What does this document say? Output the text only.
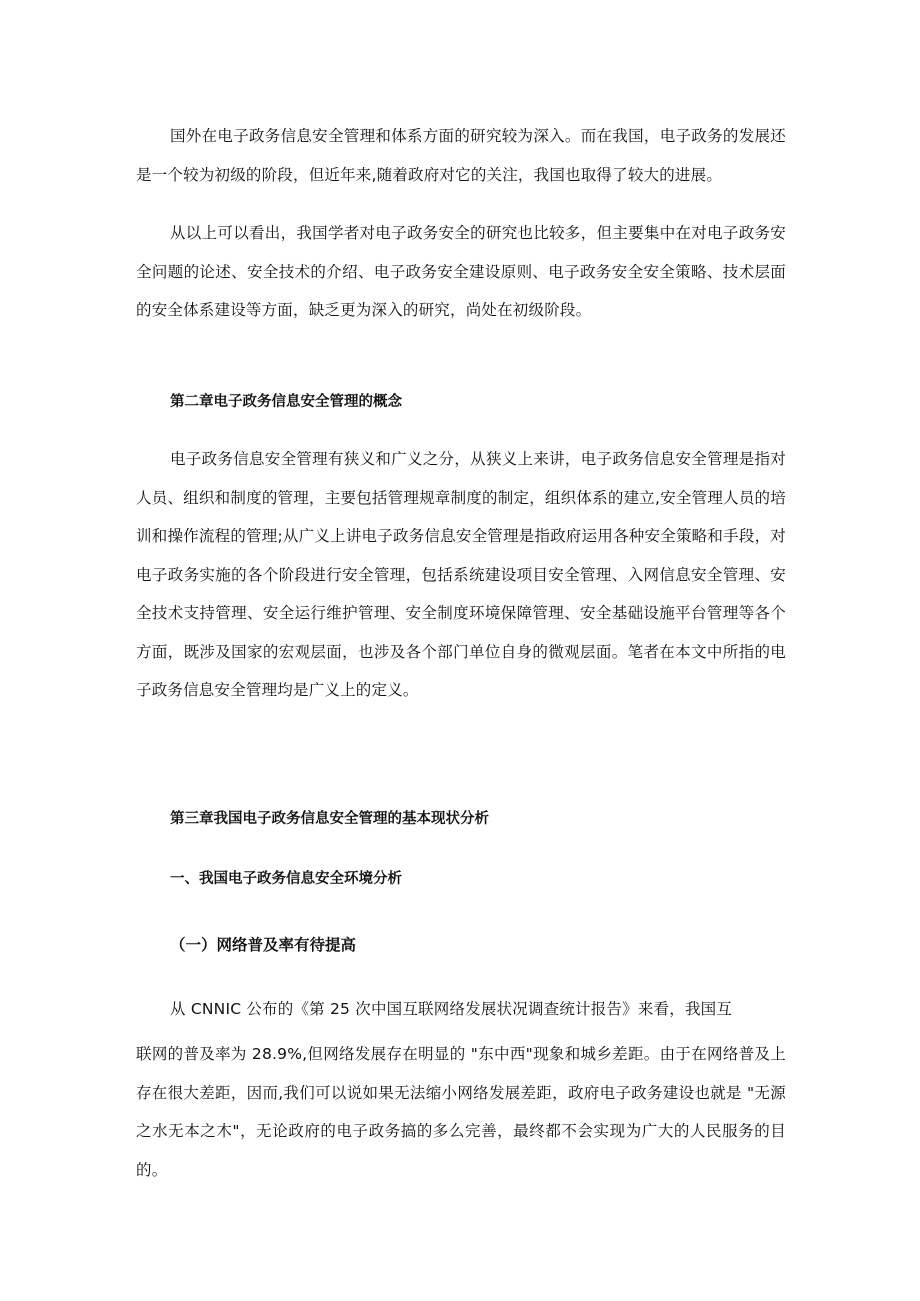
国外在电子政务信息安全管理和体系方面的研究较为深入。而在我国，电子政务的发展还是一个较为初级的阶段，但近年来,随着政府对它的关注，我国也取得了较大的进展。

从以上可以看出，我国学者对电子政务安全的研究也比较多，但主要集中在对电子政务安全问题的论述、安全技术的介绍、电子政务安全建设原则、电子政务安全安全策略、技术层面的安全体系建设等方面，缺乏更为深入的研究，尚处在初级阶段。

第二章电子政务信息安全管理的概念

电子政务信息安全管理有狭义和广义之分，从狭义上来讲，电子政务信息安全管理是指对人员、组织和制度的管理，主要包括管理规章制度的制定，组织体系的建立,安全管理人员的培训和操作流程的管理;从广义上讲电子政务信息安全管理是指政府运用各种安全策略和手段，对电子政务实施的各个阶段进行安全管理，包括系统建设项目安全管理、入网信息安全管理、安全技术支持管理、安全运行维护管理、安全制度环境保障管理、安全基础设施平台管理等各个方面，既涉及国家的宏观层面，也涉及各个部门单位自身的微观层面。笔者在本文中所指的电子政务信息安全管理均是广义上的定义。

第三章我国电子政务信息安全管理的基本现状分析
一、我国电子政务信息安全环境分析
（一）网络普及率有待提高

从 CNNIC 公布的《第 25 次中国互联网络发展状况调查统计报告》来看，我国互

联网的普及率为 28.9%,但网络发展存在明显的 "东中西"现象和城乡差距。由于在网络普及上存在很大差距，因而,我们可以说如果无法缩小网络发展差距，政府电子政务建设也就是 "无源之水无本之木"，无论政府的电子政务搞的多么完善，最终都不会实现为广大的人民服务的目的。
